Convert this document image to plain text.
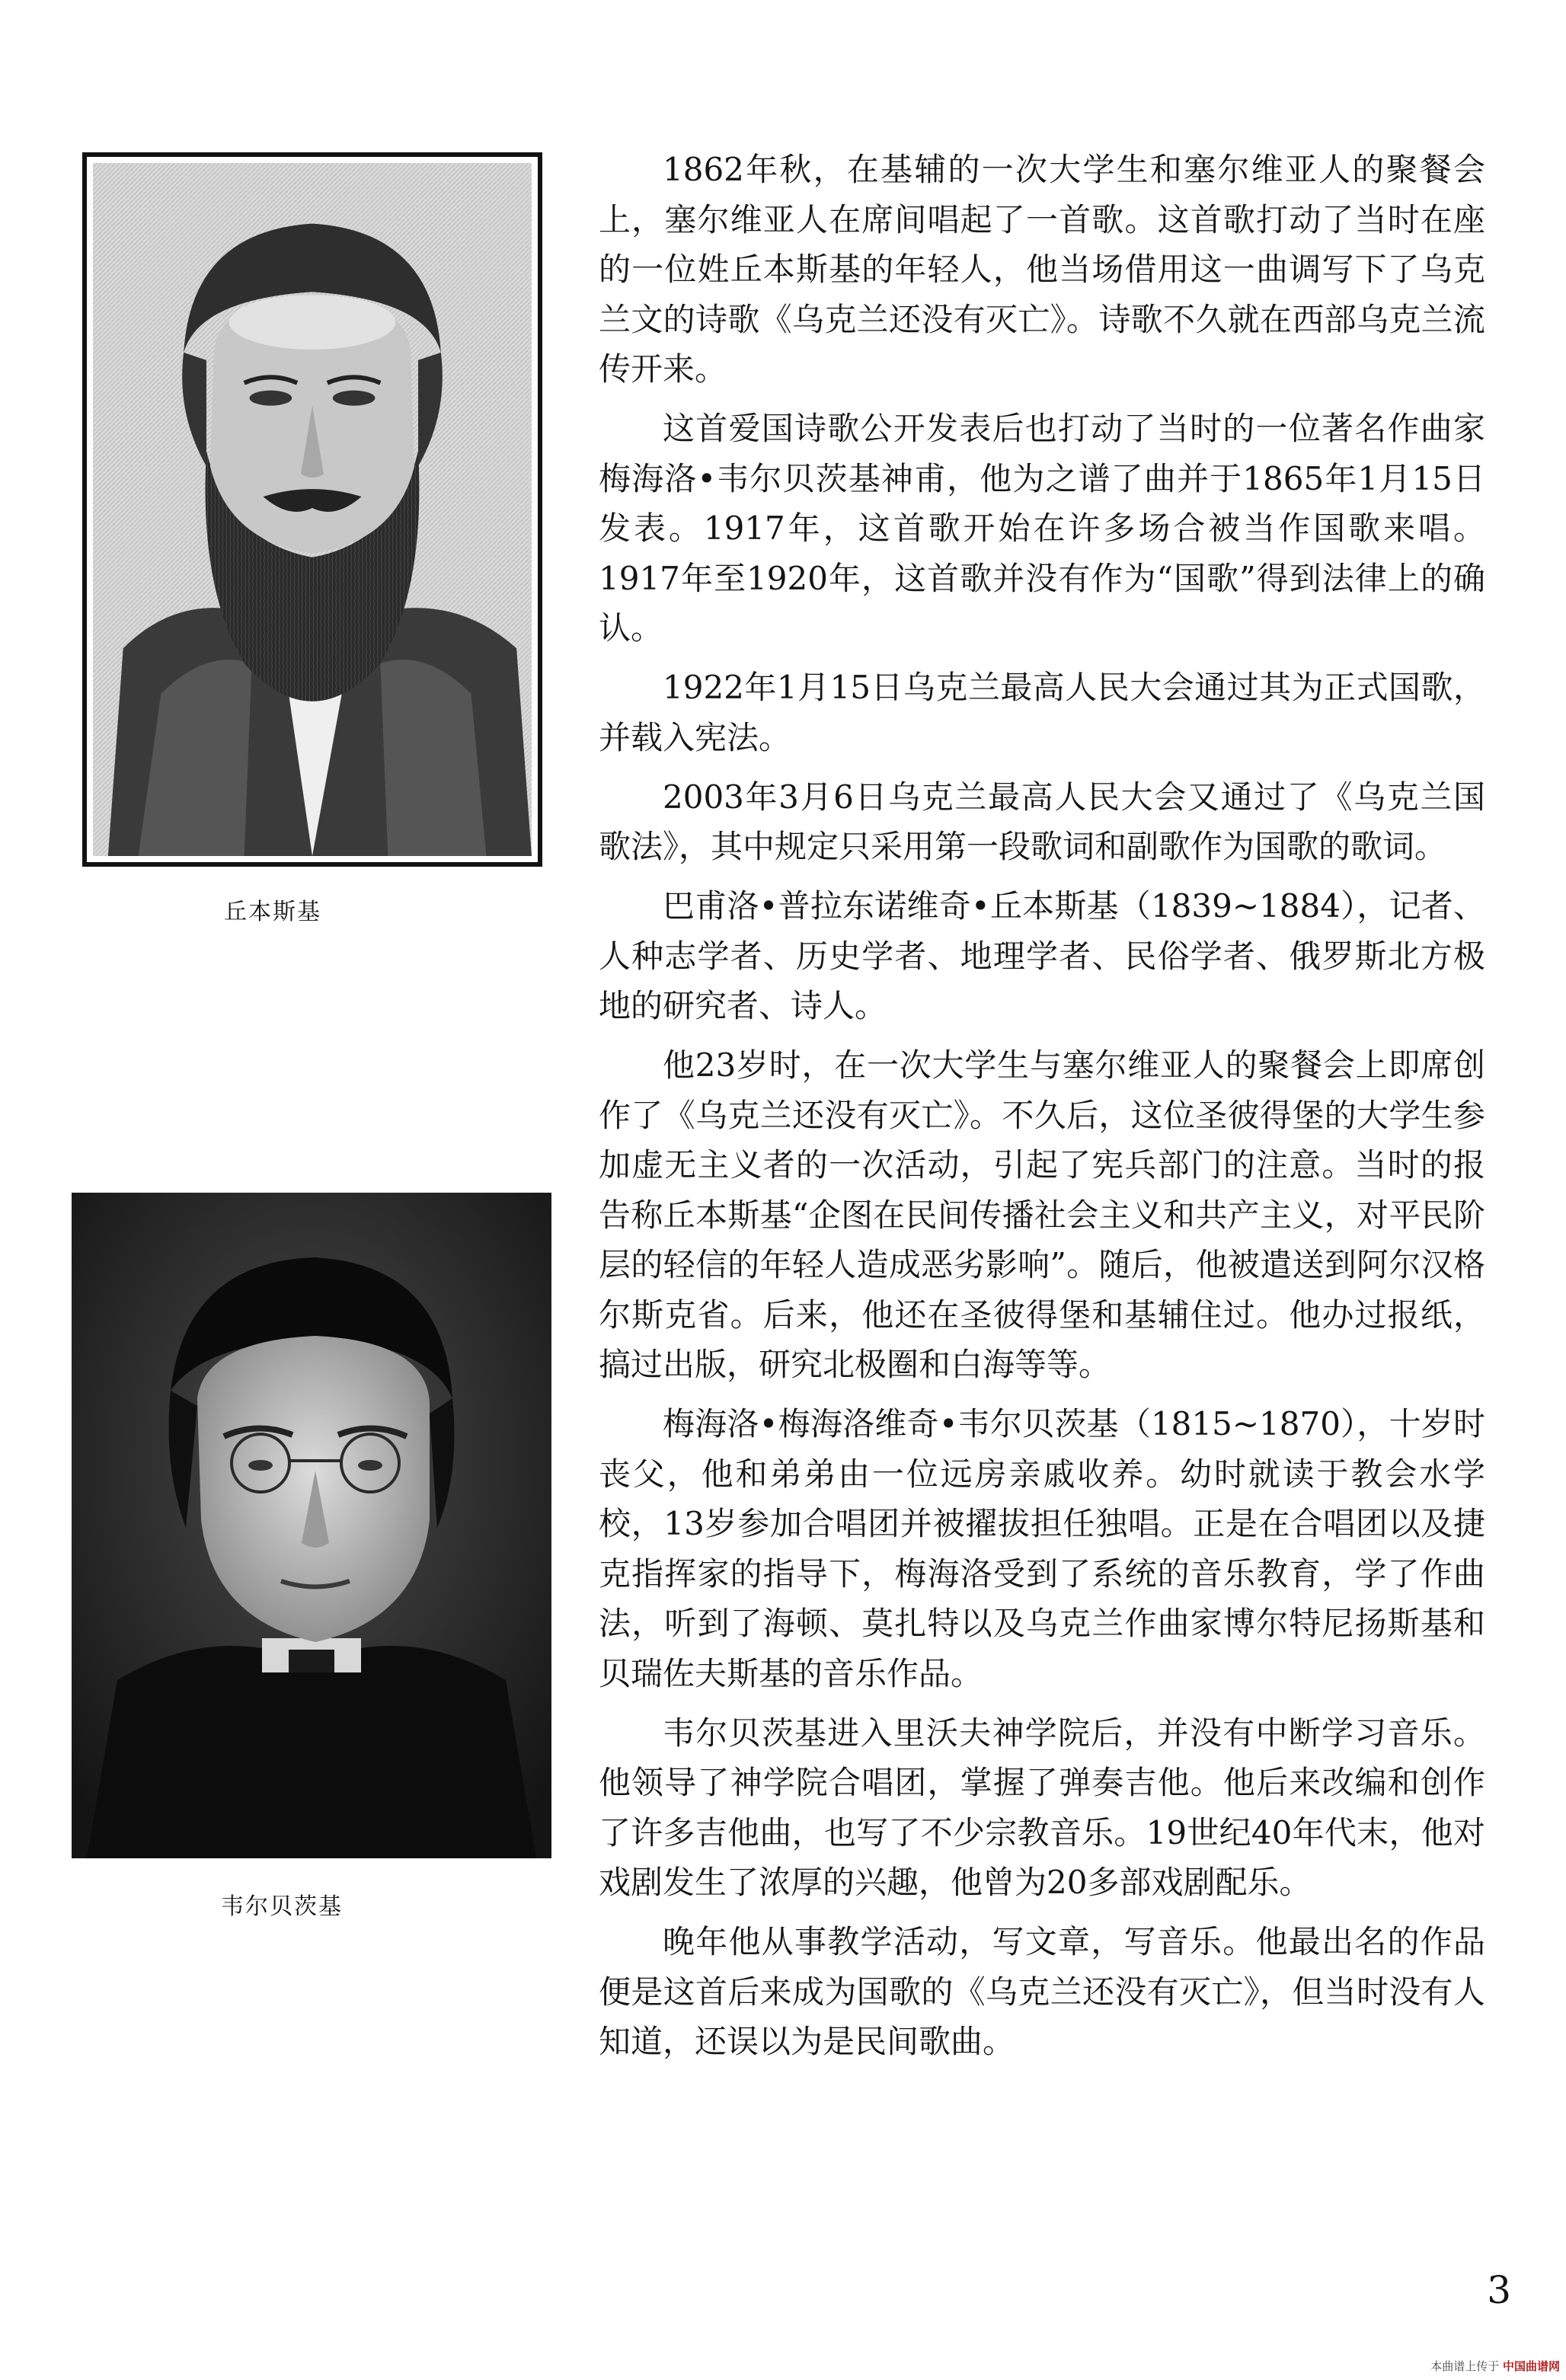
丘本斯基
韦尔贝茨基

1862年秋，在基辅的一次大学生和塞尔维亚人的聚餐会上，塞尔维亚人在席间唱起了一首歌。这首歌打动了当时在座的一位姓丘本斯基的年轻人，他当场借用这一曲调写下了乌克兰文的诗歌《乌克兰还没有灭亡》。诗歌不久就在西部乌克兰流传开来。

这首爱国诗歌公开发表后也打动了当时的一位著名作曲家梅海洛•韦尔贝茨基神甫，他为之谱了曲并于1865年1月15日发表。1917年，这首歌开始在许多场合被当作国歌来唱。1917年至1920年，这首歌并没有作为“国歌”得到法律上的确认。

1922年1月15日乌克兰最高人民大会通过其为正式国歌，并载入宪法。

2003年3月6日乌克兰最高人民大会又通过了《乌克兰国歌法》，其中规定只采用第一段歌词和副歌作为国歌的歌词。

巴甫洛•普拉东诺维奇•丘本斯基（1839~1884），记者、人种志学者、历史学者、地理学者、民俗学者、俄罗斯北方极地的研究者、诗人。

他23岁时，在一次大学生与塞尔维亚人的聚餐会上即席创作了《乌克兰还没有灭亡》。不久后，这位圣彼得堡的大学生参加虚无主义者的一次活动，引起了宪兵部门的注意。当时的报告称丘本斯基“企图在民间传播社会主义和共产主义，对平民阶层的轻信的年轻人造成恶劣影响”。随后，他被遣送到阿尔汉格尔斯克省。后来，他还在圣彼得堡和基辅住过。他办过报纸，搞过出版，研究北极圈和白海等等。

梅海洛•梅海洛维奇•韦尔贝茨基（1815~1870），十岁时丧父，他和弟弟由一位远房亲戚收养。幼时就读于教会水学校，13岁参加合唱团并被擢拔担任独唱。正是在合唱团以及捷克指挥家的指导下，梅海洛受到了系统的音乐教育，学了作曲法，听到了海顿、莫扎特以及乌克兰作曲家博尔特尼扬斯基和贝瑞佐夫斯基的音乐作品。

韦尔贝茨基进入里沃夫神学院后，并没有中断学习音乐。他领导了神学院合唱团，掌握了弹奏吉他。他后来改编和创作了许多吉他曲，也写了不少宗教音乐。19世纪40年代末，他对戏剧发生了浓厚的兴趣，他曾为20多部戏剧配乐。

晚年他从事教学活动，写文章，写音乐。他最出名的作品便是这首后来成为国歌的《乌克兰还没有灭亡》，但当时没有人知道，还误以为是民间歌曲。

3
本曲谱上传于 中国曲谱网
